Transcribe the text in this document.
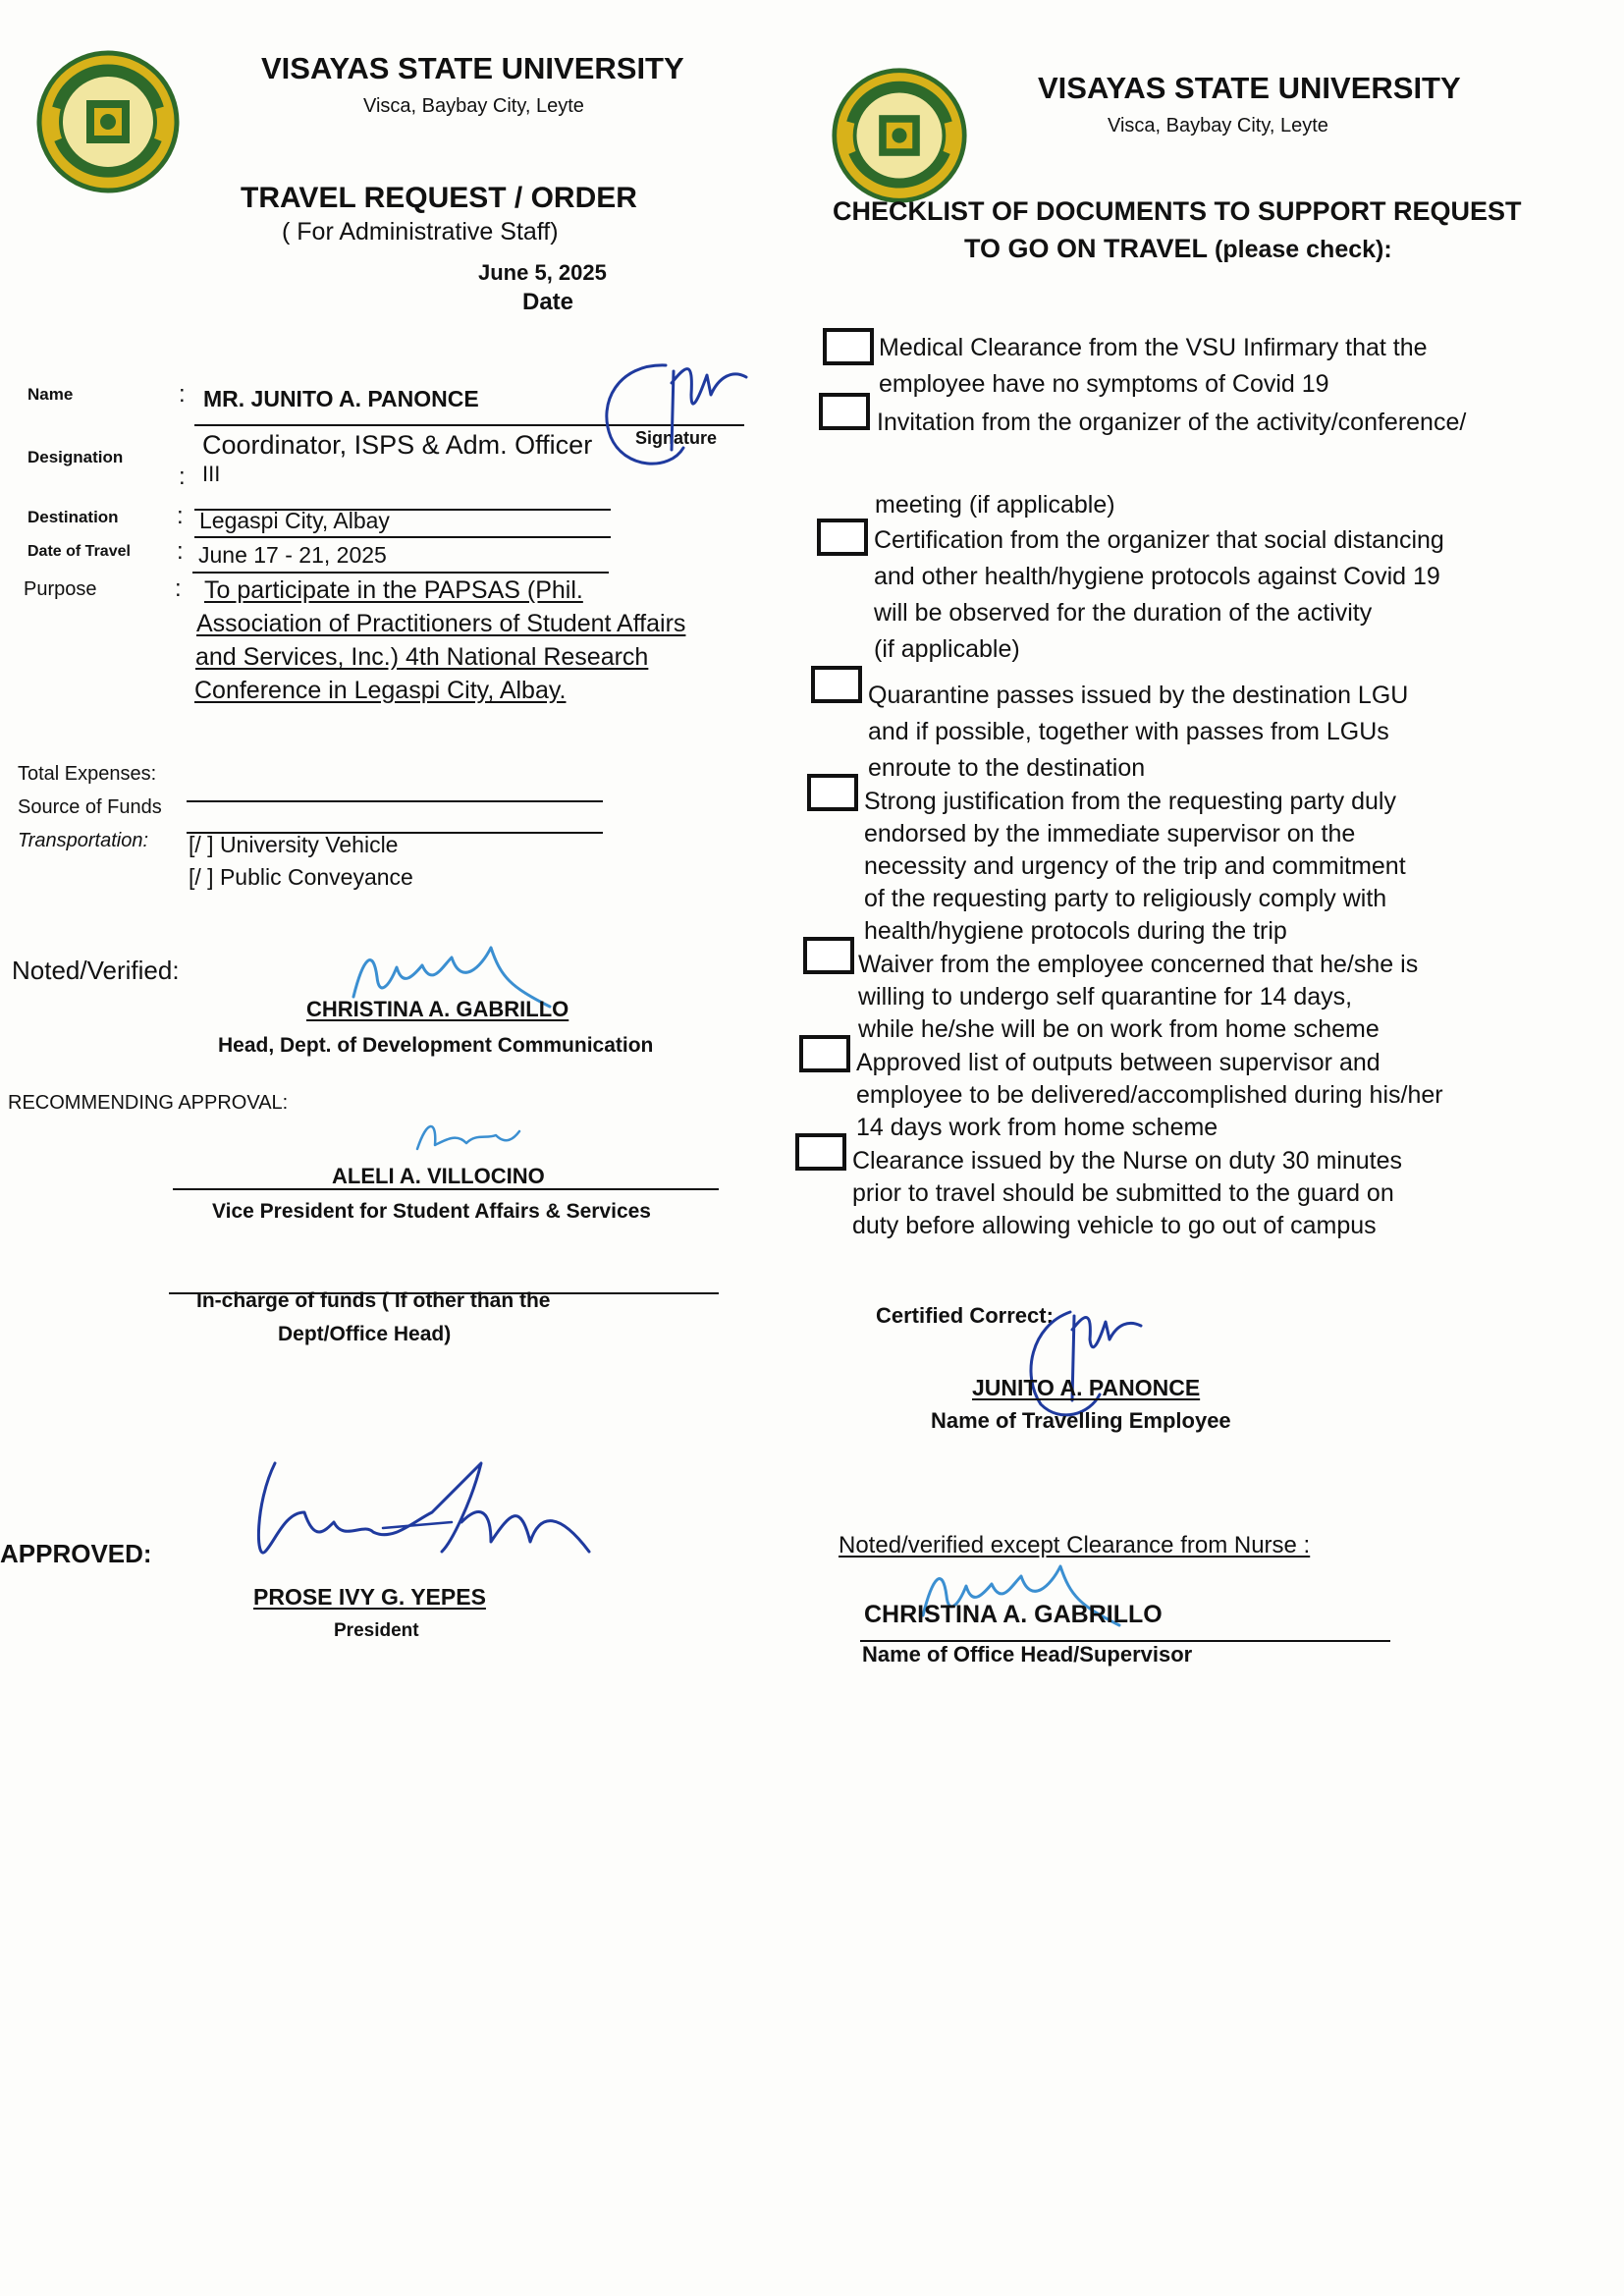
VISAYAS STATE UNIVERSITY
Visca, Baybay City, Leyte
TRAVEL REQUEST / ORDER
( For Administrative Staff)
June 5, 2025
Date
Name	: MR. JUNITO A. PANONCE
Signature
Designation	Coordinator, ISPS & Adm. Officer
: III
Destination : Legaspi City, Albay
Date of Travel : June 17 - 21, 2025
Purpose	: To participate in the PAPSAS (Phil.
Association of Practitioners of Student Affairs
and Services, Inc.) 4th National Research
Conference in Legaspi City, Albay.
Total Expenses:
Source of Funds
Transportation: [/ ] University Vehicle
[/ ] Public Conveyance
Noted/Verified:
CHRISTINA A. GABRILLO
Head, Dept. of Development Communication
RECOMMENDING APPROVAL:
ALELI A. VILLOCINO
Vice President for Student Affairs & Services
In-charge of funds ( If other than the
Dept/Office Head)
APPROVED:
PROSE IVY G. YEPES
President
VISAYAS STATE UNIVERSITY
Visca, Baybay City, Leyte
CHECKLIST OF DOCUMENTS TO SUPPORT REQUEST
TO GO ON TRAVEL (please check):
Medical Clearance from the VSU Infirmary that the
employee have no symptoms of Covid 19
Invitation from the organizer of the activity/conference/
meeting (if applicable)
Certification from the organizer that social distancing
and other health/hygiene protocols against Covid 19
will be observed for the duration of the activity
(if applicable)
Quarantine passes issued by the destination LGU
and if possible, together with passes from LGUs
enroute to the destination
Strong justification from the requesting party duly
endorsed by the immediate supervisor on the
necessity and urgency of the trip and commitment
of the requesting party to religiously comply with
health/hygiene protocols during the trip
Waiver from the employee concerned that he/she is
willing to undergo self quarantine for 14 days,
while he/she will be on work from home scheme
Approved list of outputs between supervisor and
employee to be delivered/accomplished during his/her
14 days work from home scheme
Clearance issued by the Nurse on duty 30 minutes
prior to travel should be submitted to the guard on
duty before allowing vehicle to go out of campus
Certified Correct:
JUNITO A. PANONCE
Name of Travelling Employee
Noted/verified except Clearance from Nurse :
CHRISTINA A. GABRILLO
Name of Office Head/Supervisor
